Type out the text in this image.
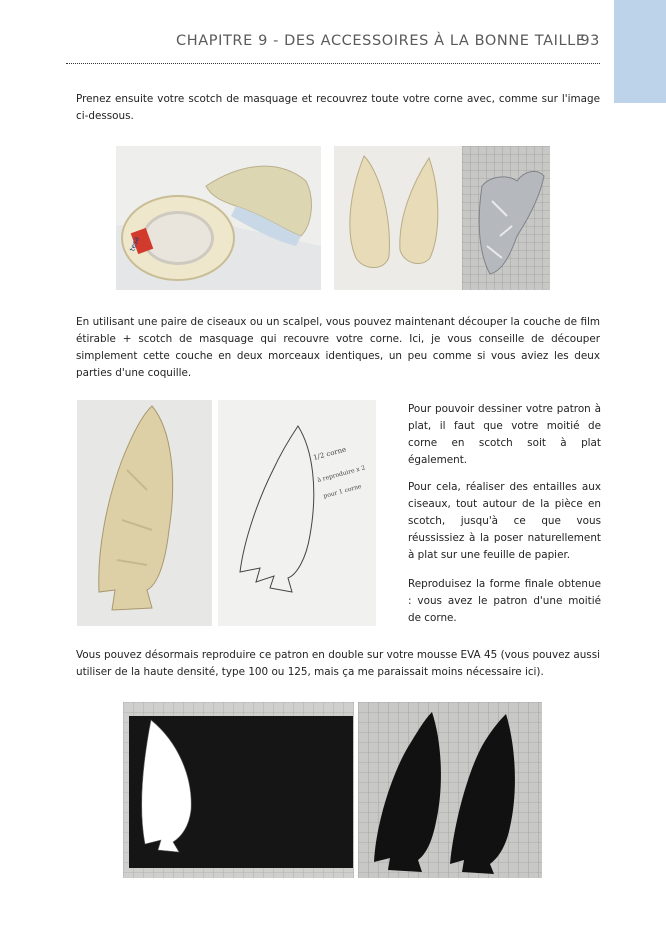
CHAPITRE 9 - DES ACCESSOIRES À LA BONNE TAILLE
93
Prenez ensuite votre scotch de masquage et recouvrez toute votre corne avec, comme sur l'image ci-dessous.
tesa
En utilisant une paire de ciseaux ou un scalpel, vous pouvez maintenant découper la couche de film étirable + scotch de masquage qui recouvre votre corne. Ici, je vous conseille de découper simplement cette couche en deux morceaux identiques, un peu comme si vous aviez les deux parties d'une coquille.
1/2 corne
à reproduire x 2
pour 1 corne
Pour pouvoir dessiner votre patron à plat, il faut que votre moitié de corne en scotch soit à plat également.
Pour cela, réaliser des entailles aux ciseaux, tout autour de la pièce en scotch, jusqu'à ce que vous réussissiez à la poser naturellement à plat sur une feuille de papier.
Reproduisez la forme finale obtenue : vous avez le patron d'une moitié de corne.
Vous pouvez désormais reproduire ce patron en double sur votre mousse EVA 45 (vous pouvez aussi utiliser de la haute densité, type 100 ou 125, mais ça me paraissait moins nécessaire ici).
